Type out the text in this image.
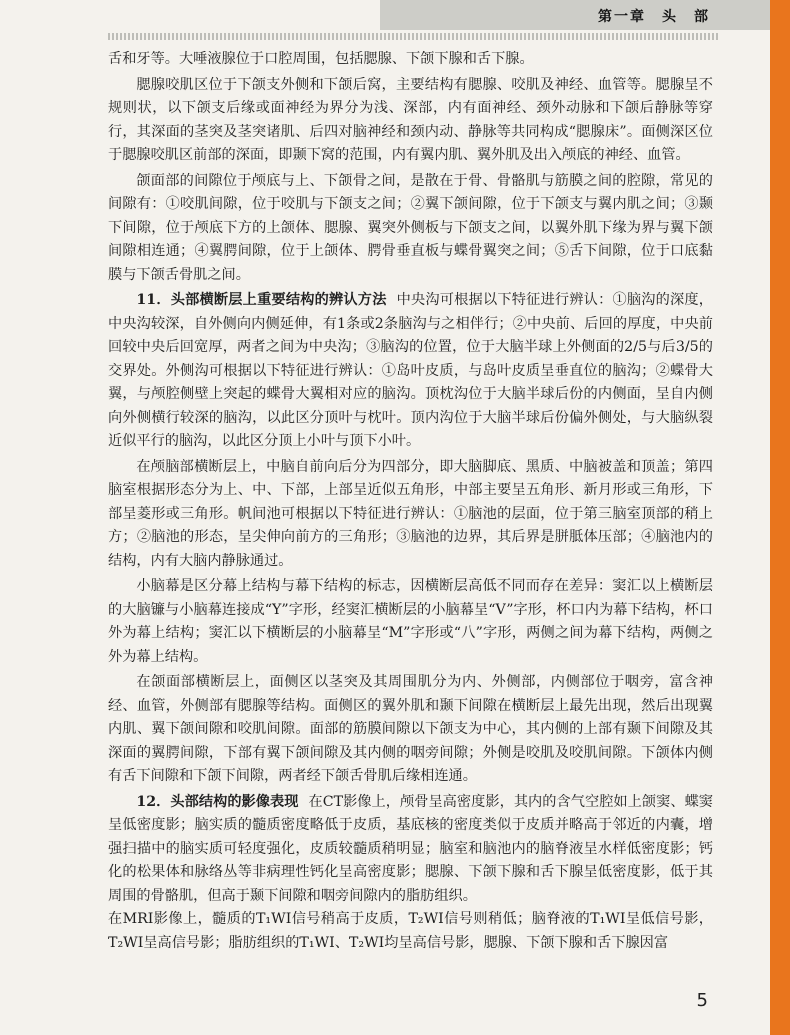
第一章　头　部

舌和牙等。大唾液腺位于口腔周围，包括腮腺、下颌下腺和舌下腺。

腮腺咬肌区位于下颌支外侧和下颌后窝，主要结构有腮腺、咬肌及神经、血管等。腮腺呈不规则状，以下颌支后缘或面神经为界分为浅、深部，内有面神经、颈外动脉和下颌后静脉等穿行，其深面的茎突及茎突诸肌、后四对脑神经和颈内动、静脉等共同构成“腮腺床”。面侧深区位于腮腺咬肌区前部的深面，即颞下窝的范围，内有翼内肌、翼外肌及出入颅底的神经、血管。

颌面部的间隙位于颅底与上、下颌骨之间，是散在于骨、骨骼肌与筋膜之间的腔隙，常见的间隙有：①咬肌间隙，位于咬肌与下颌支之间；②翼下颌间隙，位于下颌支与翼内肌之间；③颞下间隙，位于颅底下方的上颌体、腮腺、翼突外侧板与下颌支之间，以翼外肌下缘为界与翼下颌间隙相连通；④翼腭间隙，位于上颌体、腭骨垂直板与蝶骨翼突之间；⑤舌下间隙，位于口底黏膜与下颌舌骨肌之间。

11．头部横断层上重要结构的辨认方法 中央沟可根据以下特征进行辨认：①脑沟的深度，中央沟较深，自外侧向内侧延伸，有1条或2条脑沟与之相伴行；②中央前、后回的厚度，中央前回较中央后回宽厚，两者之间为中央沟；③脑沟的位置，位于大脑半球上外侧面的2/5与后3/5的交界处。外侧沟可根据以下特征进行辨认：①岛叶皮质，与岛叶皮质呈垂直位的脑沟；②蝶骨大翼，与颅腔侧壁上突起的蝶骨大翼相对应的脑沟。顶枕沟位于大脑半球后份的内侧面，呈自内侧向外侧横行较深的脑沟，以此区分顶叶与枕叶。顶内沟位于大脑半球后份偏外侧处，与大脑纵裂近似平行的脑沟，以此区分顶上小叶与顶下小叶。

在颅脑部横断层上，中脑自前向后分为四部分，即大脑脚底、黑质、中脑被盖和顶盖；第四脑室根据形态分为上、中、下部，上部呈近似五角形，中部主要呈五角形、新月形或三角形，下部呈菱形或三角形。帆间池可根据以下特征进行辨认：①脑池的层面，位于第三脑室顶部的稍上方；②脑池的形态，呈尖伸向前方的三角形；③脑池的边界，其后界是胼胝体压部；④脑池内的结构，内有大脑内静脉通过。

小脑幕是区分幕上结构与幕下结构的标志，因横断层高低不同而存在差异：窦汇以上横断层的大脑镰与小脑幕连接成“Y”字形，经窦汇横断层的小脑幕呈“V”字形，杯口内为幕下结构，杯口外为幕上结构；窦汇以下横断层的小脑幕呈“M”字形或“八”字形，两侧之间为幕下结构，两侧之外为幕上结构。

在颌面部横断层上，面侧区以茎突及其周围肌分为内、外侧部，内侧部位于咽旁，富含神经、血管，外侧部有腮腺等结构。面侧区的翼外肌和颞下间隙在横断层上最先出现，然后出现翼内肌、翼下颌间隙和咬肌间隙。面部的筋膜间隙以下颌支为中心，其内侧的上部有颞下间隙及其深面的翼腭间隙，下部有翼下颌间隙及其内侧的咽旁间隙；外侧是咬肌及咬肌间隙。下颌体内侧有舌下间隙和下颌下间隙，两者经下颌舌骨肌后缘相连通。

12．头部结构的影像表现 在CT影像上，颅骨呈高密度影，其内的含气空腔如上颌窦、蝶窦呈低密度影；脑实质的髓质密度略低于皮质，基底核的密度类似于皮质并略高于邻近的内囊，增强扫描中的脑实质可轻度强化，皮质较髓质稍明显；脑室和脑池内的脑脊液呈水样低密度影；钙化的松果体和脉络丛等非病理性钙化呈高密度影；腮腺、下颌下腺和舌下腺呈低密度影，低于其周围的骨骼肌，但高于颞下间隙和咽旁间隙内的脂肪组织。

在MRI影像上，髓质的T₁WI信号稍高于皮质，T₂WI信号则稍低；脑脊液的T₁WI呈低信号影，T₂WI呈高信号影；脂肪组织的T₁WI、T₂WI均呈高信号影，腮腺、下颌下腺和舌下腺因富

5
